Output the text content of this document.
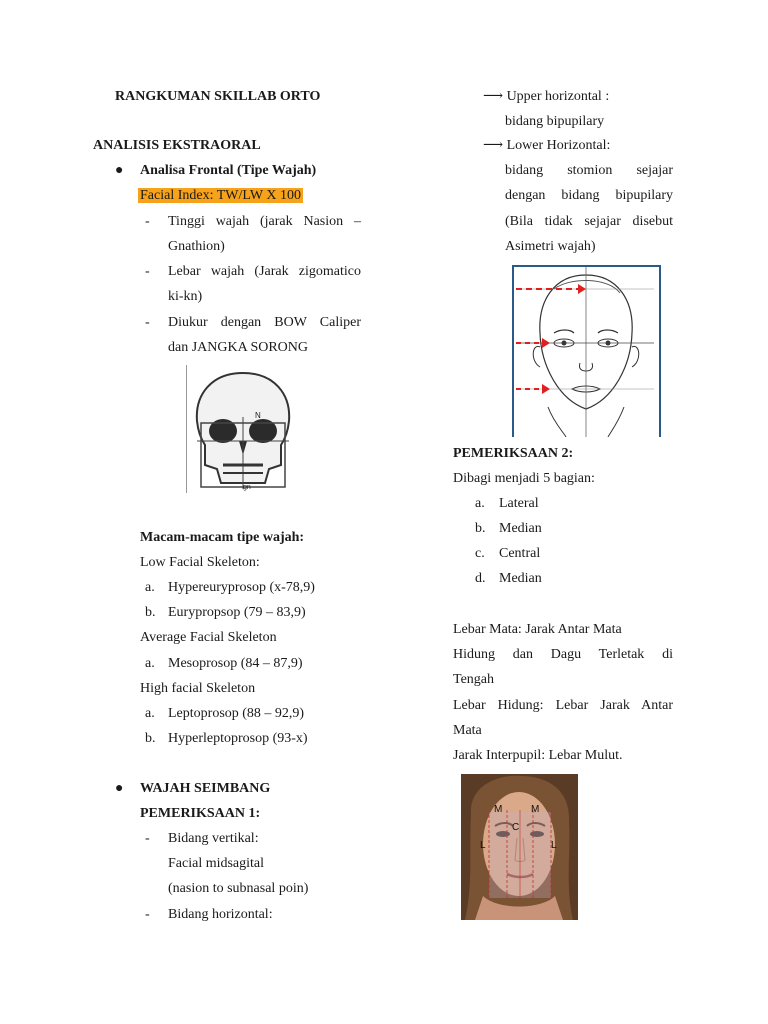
RANGKUMAN SKILLAB ORTO
ANALISIS EKSTRAORAL
● Analisa Frontal (Tipe Wajah)
Facial Index: TW/LW X 100
- Tinggi wajah (jarak Nasion –
Gnathion)
- Lebar wajah (Jarak zigomatico
ki-kn)
- Diukur dengan BOW Caliper
dan JANGKA SORONG
N
gn
Macam-macam tipe wajah:
Low Facial Skeleton:
a. Hypereuryprosop (x-78,9)
b. Eurypropsop (79 – 83,9)
Average Facial Skeleton
a. Mesoprosop (84 – 87,9)
High facial Skeleton
a. Leptoprosop (88 – 92,9)
b. Hyperleptoprosop (93-x)
● WAJAH SEIMBANG
PEMERIKSAAN 1:
- Bidang vertikal:
Facial midsagital
(nasion to subnasal poin)
- Bidang horizontal:
⟶ Upper horizontal :
bidang bipupilary
⟶ Lower Horizontal:
bidang stomion sejajar
dengan bidang bipupilary
(Bila tidak sejajar disebut
Asimetri wajah)
PEMERIKSAAN 2:
Dibagi menjadi 5 bagian:
a. Lateral
b. Median
c. Central
d. Median
Lebar Mata: Jarak Antar Mata
Hidung dan Dagu Terletak di
Tengah
Lebar Hidung: Lebar Jarak Antar
Mata
Jarak Interpupil: Lebar Mulut.
M	M
C
L	L
